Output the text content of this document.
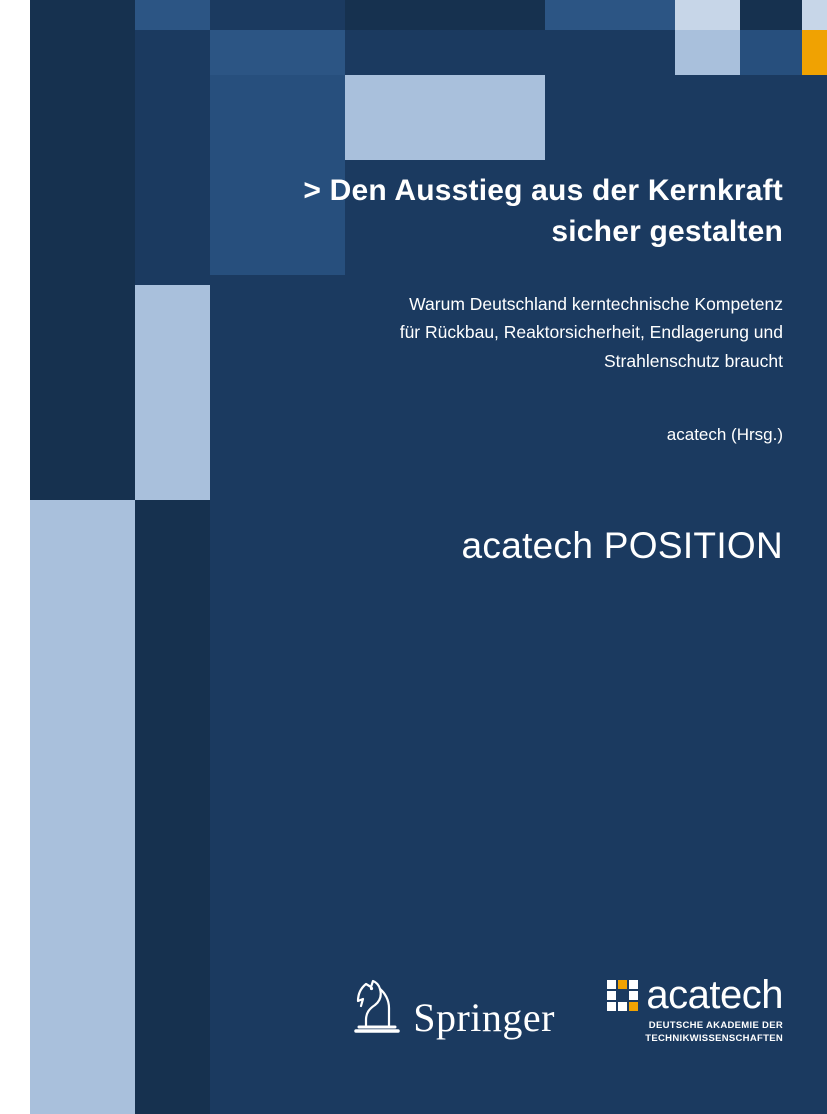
> Den Ausstieg aus der Kernkraft
sicher gestalten
Warum Deutschland kerntechnische Kompetenz
für Rückbau, Reaktorsicherheit, Endlagerung und
Strahlenschutz braucht
acatech (Hrsg.)
acatech POSITION
Springer acatech
DEUTSCHE AKADEMIE DER
TECHNIKWISSENSCHAFTEN
